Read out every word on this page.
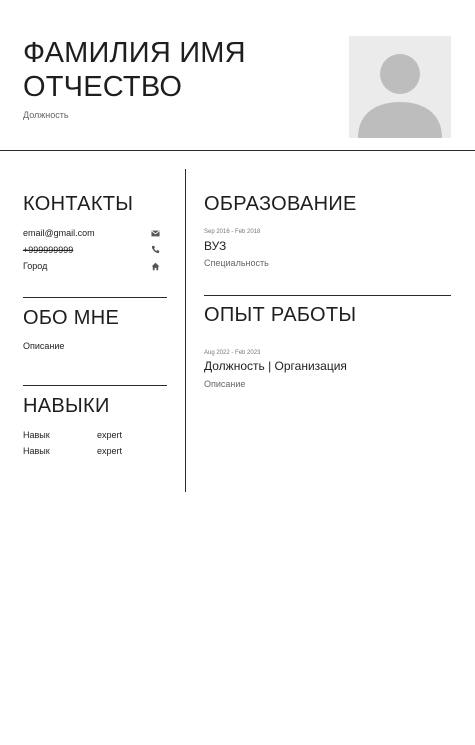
ФАМИЛИЯ ИМЯ
ОТЧЕСТВО
Должность
КОНТАКТЫ
email@gmail.com
+999999999
Город
ОБО МНЕ
Описание
НАВЫКИ
Навык	expert
Навык	expert
ОБРАЗОВАНИЕ
Sep 2016 - Feb 2018
ВУЗ
Специальность
ОПЫТ РАБОТЫ
Aug 2022 - Feb 2023
Должность | Организация
Описание
